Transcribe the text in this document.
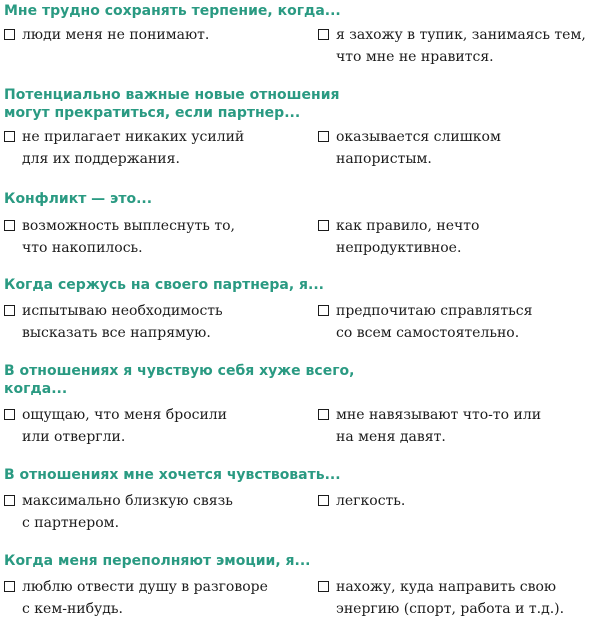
Мне трудно сохранять терпение, когда...

люди меня не понимают.	я захожу в тупик, занимаясь тем,
что мне не нравится.

Потенциально важные новые отношения
могут прекратиться, если партнер...

не прилагает никаких усилий
для их поддержания.
оказывается слишком напористым.

Конфликт — это...

возможность выплеснуть то,
что накопилось.
как правило, нечто непродуктивное.

Когда сержусь на своего партнера, я...

испытываю необходимость
высказать все напрямую.
предпочитаю справляться
со всем самостоятельно.

В отношениях я чувствую себя хуже всего,
когда...

ощущаю, что меня бросили
или отвергли.
мне навязывают что-то или
на меня давят.

В отношениях мне хочется чувствовать...

максимально близкую связь
с партнером.
легкость.

Когда меня переполняют эмоции, я...

люблю отвести душу в разговоре
с кем-нибудь.
нахожу, куда направить свою
энергию (спорт, работа и т.д.).
